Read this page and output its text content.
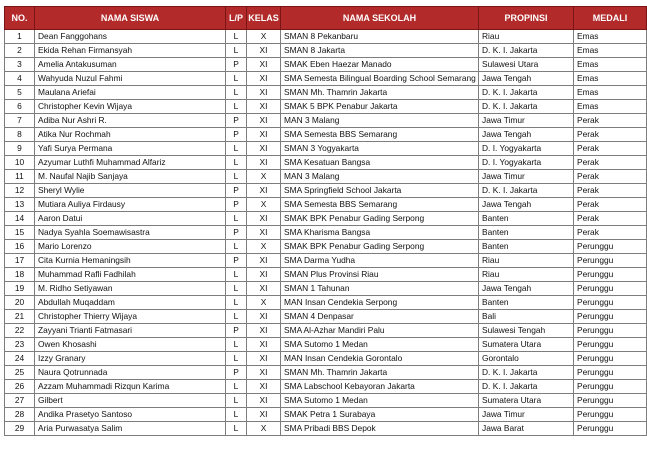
NO.	NAMA SISWA	L/P	KELAS	NAMA SEKOLAH	PROPINSI	MEDALI
1	Dean Fanggohans	L	X	SMAN 8 Pekanbaru	Riau	Emas
2	Ekida Rehan Firmansyah	L	XI	SMAN 8 Jakarta	D. K. I. Jakarta	Emas
3	Amelia Antakusuman	P	XI	SMAK Eben Haezar Manado	Sulawesi Utara	Emas
4	Wahyuda Nuzul Fahmi	L	XI	SMA Semesta Bilingual Boarding School Semarang	Jawa Tengah	Emas
5	Maulana Ariefai	L	XI	SMAN Mh. Thamrin Jakarta	D. K. I. Jakarta	Emas
6	Christopher Kevin Wijaya	L	XI	SMAK 5 BPK Penabur Jakarta	D. K. I. Jakarta	Emas
7	Adiba Nur Ashri R.	P	XI	MAN 3 Malang	Jawa Timur	Perak
8	Atika Nur Rochmah	P	XI	SMA Semesta BBS Semarang	Jawa Tengah	Perak
9	Yafi Surya Permana	L	XI	SMAN 3 Yogyakarta	D. I. Yogyakarta	Perak
10	Azyumar Luthfi Muhammad Alfariz	L	XI	SMA Kesatuan Bangsa	D. I. Yogyakarta	Perak
11	M. Naufal Najib Sanjaya	L	X	MAN 3 Malang	Jawa Timur	Perak
12	Sheryl Wylie	P	XI	SMA Springfield School Jakarta	D. K. I. Jakarta	Perak
13	Mutiara Auliya Firdausy	P	X	SMA Semesta BBS Semarang	Jawa Tengah	Perak
14	Aaron Datui	L	XI	SMAK BPK Penabur Gading Serpong	Banten	Perak
15	Nadya Syahla Soemawisastra	P	XI	SMA Kharisma Bangsa	Banten	Perak
16	Mario Lorenzo	L	X	SMAK BPK Penabur Gading Serpong	Banten	Perunggu
17	Cita Kurnia Hemaningsih	P	XI	SMA Darma Yudha	Riau	Perunggu
18	Muhammad Rafli Fadhilah	L	XI	SMAN Plus Provinsi Riau	Riau	Perunggu
19	M. Ridho Setiyawan	L	XI	SMAN 1 Tahunan	Jawa Tengah	Perunggu
20	Abdullah Muqaddam	L	X	MAN Insan Cendekia Serpong	Banten	Perunggu
21	Christopher Thierry Wijaya	L	XI	SMAN 4 Denpasar	Bali	Perunggu
22	Zayyani Trianti Fatmasari	P	XI	SMA Al-Azhar Mandiri Palu	Sulawesi Tengah	Perunggu
23	Owen Khosashi	L	XI	SMA Sutomo 1 Medan	Sumatera Utara	Perunggu
24	Izzy Granary	L	XI	MAN Insan Cendekia Gorontalo	Gorontalo	Perunggu
25	Naura Qotrunnada	P	XI	SMAN Mh. Thamrin Jakarta	D. K. I. Jakarta	Perunggu
26	Azzam Muhammadi Rizqun Karima	L	XI	SMA Labschool Kebayoran Jakarta	D. K. I. Jakarta	Perunggu
27	Gilbert	L	XI	SMA Sutomo 1 Medan	Sumatera Utara	Perunggu
28	Andika Prasetyo Santoso	L	XI	SMAK Petra 1 Surabaya	Jawa Timur	Perunggu
29	Aria Purwasatya Salim	L	X	SMA Pribadi BBS Depok	Jawa Barat	Perunggu
